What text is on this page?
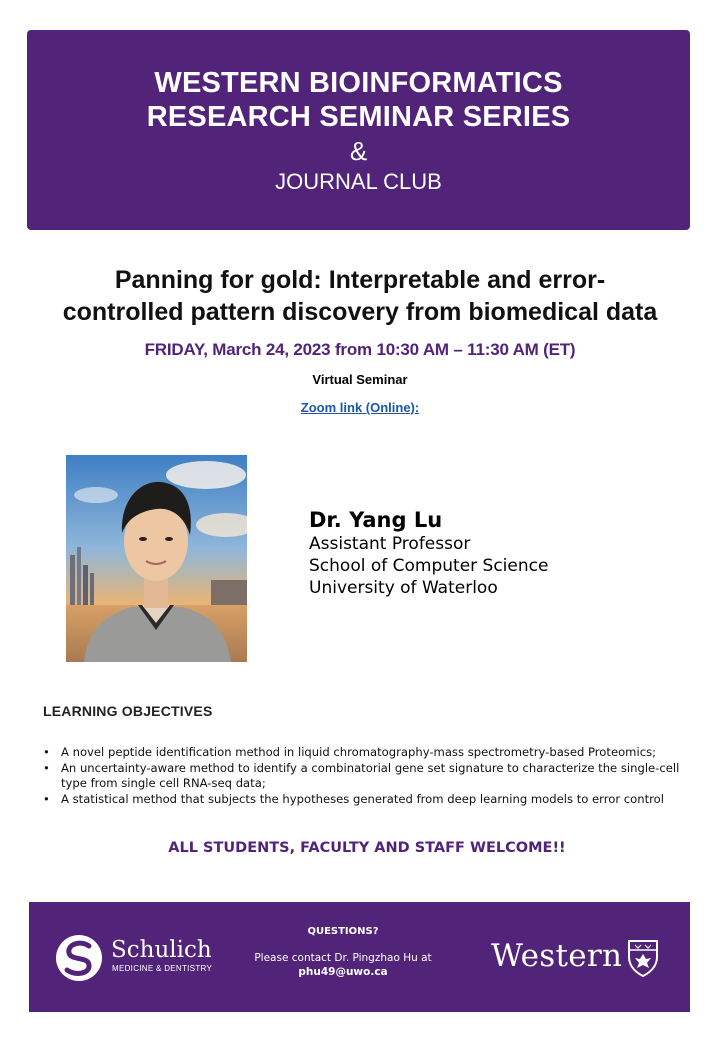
WESTERN BIOINFORMATICS
RESEARCH SEMINAR SERIES
&
JOURNAL CLUB
Panning for gold: Interpretable and error-
controlled pattern discovery from biomedical data
FRIDAY, March 24, 2023 from 10:30 AM – 11:30 AM (ET)
Virtual Seminar
Zoom link (Online):
Dr. Yang Lu
Assistant Professor
School of Computer Science
University of Waterloo
LEARNING OBJECTIVES
• A novel peptide identification method in liquid chromatography-mass spectrometry-based Proteomics;
• An uncertainty-aware method to identify a combinatorial gene set signature to characterize the single-cell type from single cell RNA-seq data;
• A statistical method that subjects the hypotheses generated from deep learning models to error control
ALL STUDENTS, FACULTY AND STAFF WELCOME!!
Schulich
MEDICINE & DENTISTRY
QUESTIONS?
Please contact Dr. Pingzhao Hu at
phu49@uwo.ca	Western
